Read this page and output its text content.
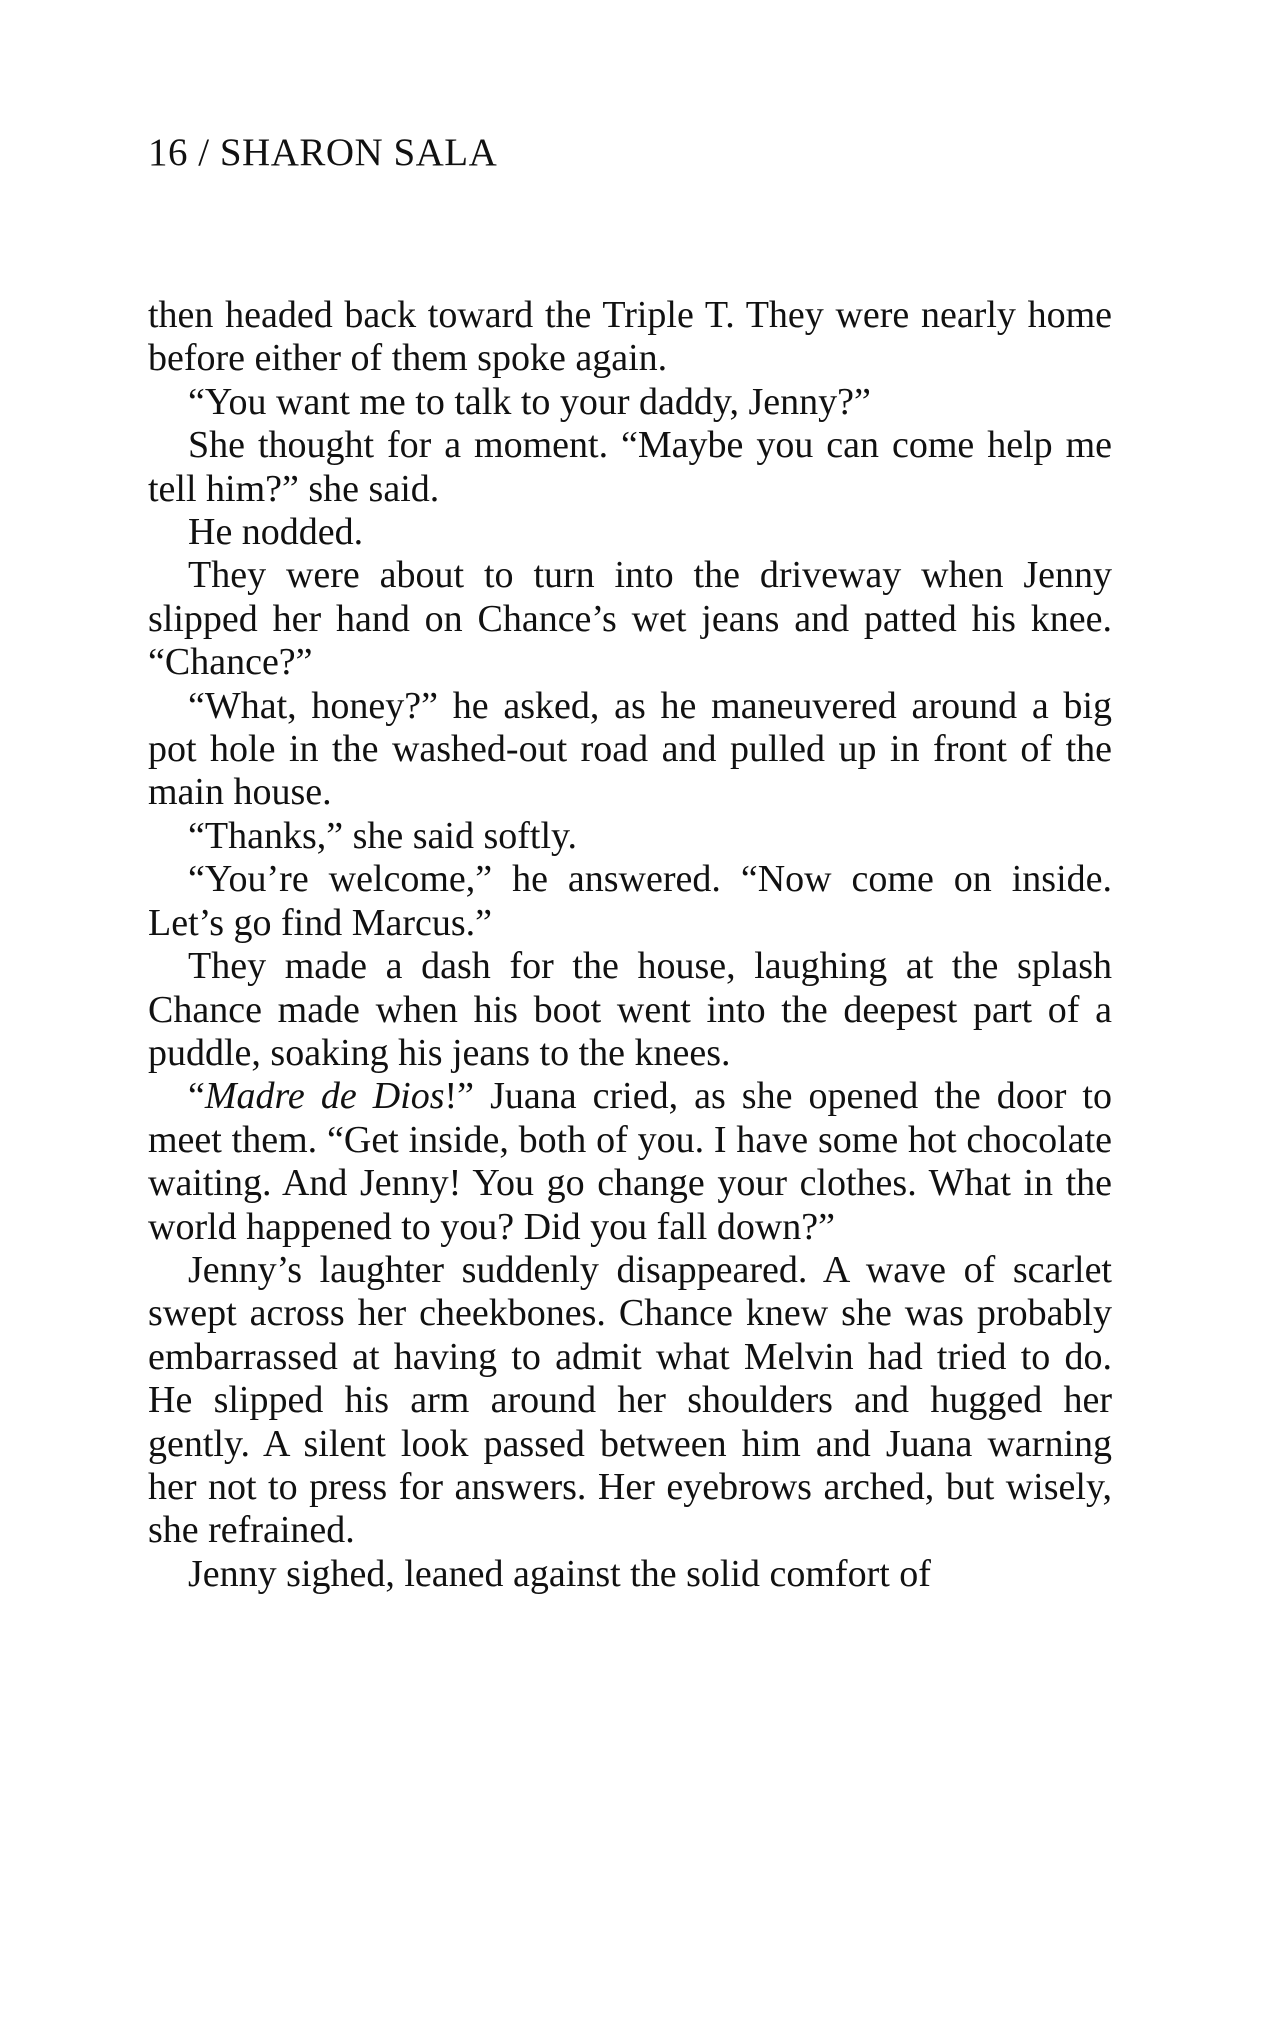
16 / SHARON SALA

then headed back toward the Triple T. They were nearly home before either of them spoke again.

“You want me to talk to your daddy, Jenny?”

She thought for a moment. “Maybe you can come help me tell him?” she said.

He nodded.

They were about to turn into the driveway when Jenny slipped her hand on Chance’s wet jeans and patted his knee. “Chance?”

“What, honey?” he asked, as he maneuvered around a big pot hole in the washed-out road and pulled up in front of the main house.

“Thanks,” she said softly.

“You’re welcome,” he answered. “Now come on inside. Let’s go find Marcus.”

They made a dash for the house, laughing at the splash Chance made when his boot went into the deepest part of a puddle, soaking his jeans to the knees.

“Madre de Dios!” Juana cried, as she opened the door to meet them. “Get inside, both of you. I have some hot chocolate waiting. And Jenny! You go change your clothes. What in the world happened to you? Did you fall down?”

Jenny’s laughter suddenly disappeared. A wave of scarlet swept across her cheekbones. Chance knew she was probably embarrassed at having to admit what Melvin had tried to do. He slipped his arm around her shoulders and hugged her gently. A silent look passed between him and Juana warning her not to press for answers. Her eyebrows arched, but wisely, she refrained.

Jenny sighed, leaned against the solid comfort of
